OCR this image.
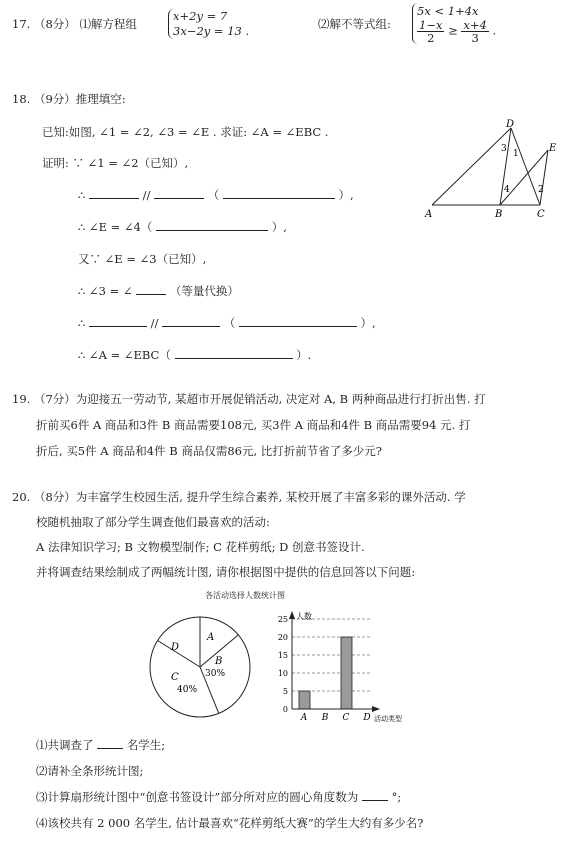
17. （8分） ⑴解方程组
x+2y = 7
3x−2y = 13 .	⑵解不等式组:
5x < 1+4x

$\frac{1-x}{2} \ge \frac{x+4}{3}$ .
18. （9分）推理填空:
已知:如图, ∠1 = ∠2, ∠3 = ∠E . 求证: ∠A = ∠EBC .
证明: ∵ ∠1 = ∠2（已知）,
∴	//	（	）,
∴ ∠E = ∠4（	）,
又∵ ∠E = ∠3（已知）,
∴ ∠3 = ∠	（等量代换）
∴	//	（	）,
∴ ∠A = ∠EBC（	）.
A	B	C
D
E
3 1
4	2
19. （7分）为迎接五一劳动节, 某超市开展促销活动, 决定对 A, B 两种商品进行打折出售. 打
折前买6件 A 商品和3件 B 商品需要108元, 买3件 A 商品和4件 B 商品需要94 元. 打
折后, 买5件 A 商品和4件 B 商品仅需86元, 比打折前节省了多少元?
20. （8分）为丰富学生校园生活, 提升学生综合素养, 某校开展了丰富多彩的课外活动. 学
校随机抽取了部分学生调查他们最喜欢的活动:
A 法律知识学习; B 文物模型制作; C 花样剪纸; D 创意书签设计.
并将调查结果绘制成了两幅统计图, 请你根据图中提供的信息回答以下问题:
各活动选择人数统计图
A
B
30%
C
40%
D
人数
活动类型
0
5
10
15
20
25
A B C D
⑴共调查了	名学生;
⑵请补全条形统计图;
⑶计算扇形统计图中“创意书签设计”部分所对应的圆心角度数为	°;
⑷该校共有 2 000 名学生, 估计最喜欢“花样剪纸大赛”的学生大约有多少名?
